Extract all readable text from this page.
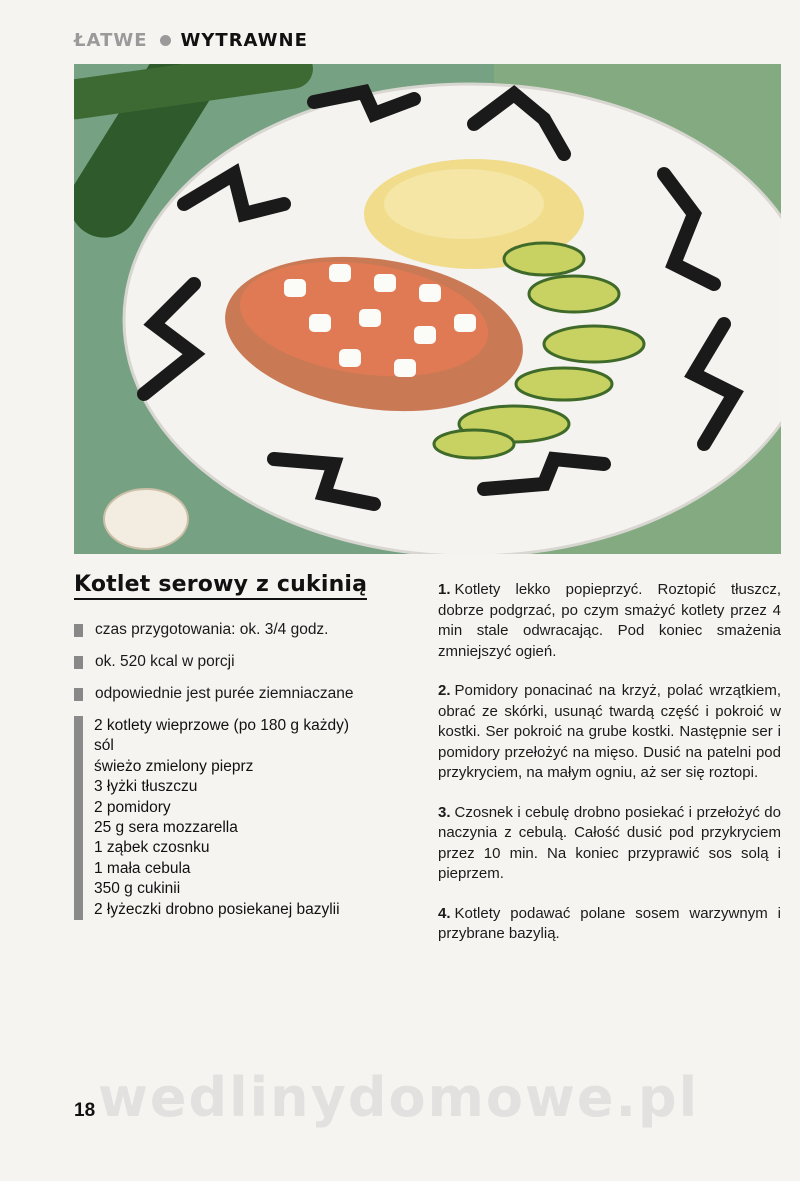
ŁATWE WYTRAWNE
Kotlet serowy z cukinią
czas przygotowania: ok. 3/4 godz.
ok. 520 kcal w porcji
odpowiednie jest purée ziemniaczane
2 kotlety wieprzowe (po 180 g każdy)
sól
świeżo zmielony pieprz
3 łyżki tłuszczu
2 pomidory
25 g sera mozzarella
1 ząbek czosnku
1 mała cebula
350 g cukinii
2 łyżeczki drobno posiekanej bazylii

1. Kotlety lekko popieprzyć. Roztopić tłuszcz, dobrze podgrzać, po czym smażyć kotlety przez 4 min stale odwracając. Pod koniec smażenia zmniejszyć ogień.

2. Pomidory ponacinać na krzyż, polać wrzątkiem, obrać ze skórki, usunąć twardą część i pokroić w kostki. Ser pokroić na grube kostki. Następnie ser i pomidory przełożyć na mięso. Dusić na patelni pod przykryciem, na małym ogniu, aż ser się roztopi.

3. Czosnek i cebulę drobno posiekać i przełożyć do naczynia z cebulą. Całość dusić pod przykryciem przez 10 min. Na koniec przyprawić sos solą i pieprzem.

4. Kotlety podawać polane sosem warzywnym i przybrane bazylią.

wedlinydomowe.pl
18
